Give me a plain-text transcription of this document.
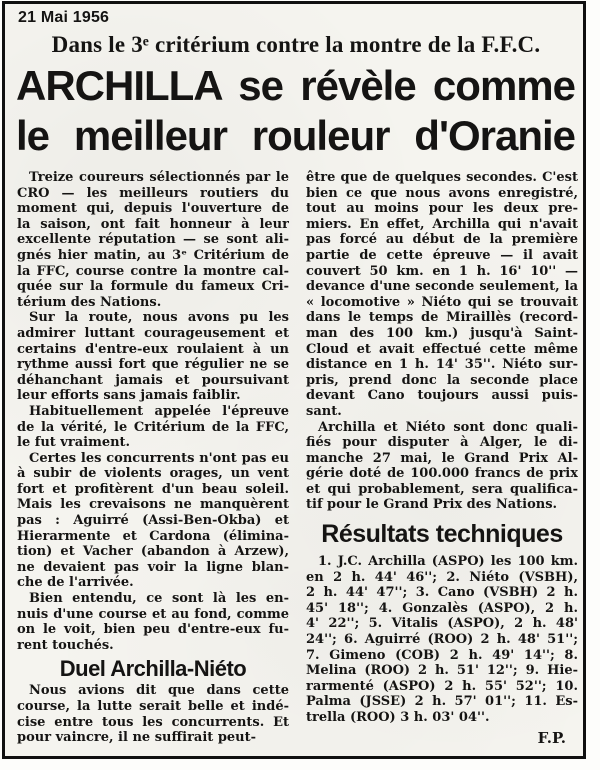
21 Mai 1956
Dans le 3ᵉ critérium contre la montre de la F.F.C.
ARCHILLA se révèle comme
le meilleur rouleur d'Oranie
Treize coureurs sélectionnés par le
CRO — les meilleurs routiers du
moment qui, depuis l'ouverture de
la saison, ont fait honneur à leur
excellente réputation — se sont ali-
gnés hier matin, au 3ᵉ Critérium de
la FFC, course contre la montre cal-
quée sur la formule du fameux Cri-
térium des Nations.
Sur la route, nous avons pu les
admirer luttant courageusement et
certains d'entre-eux roulaient à un
rythme aussi fort que régulier ne se
déhanchant jamais et poursuivant
leur efforts sans jamais faiblir.
Habituellement appelée l'épreuve
de la vérité, le Critérium de la FFC,
le fut vraiment.
Certes les concurrents n'ont pas eu
à subir de violents orages, un vent
fort et profitèrent d'un beau soleil.
Mais les crevaisons ne manquèrent
pas : Aguirré (Assi-Ben-Okba) et
Hierarmente et Cardona (élimina-
tion) et Vacher (abandon à Arzew),
ne devaient pas voir la ligne blan-
che de l'arrivée.
Bien entendu, ce sont là les en-
nuis d'une course et au fond, comme
on le voit, bien peu d'entre-eux fu-
rent touchés.
Duel Archilla-Niéto
Nous avions dit que dans cette
course, la lutte serait belle et indé-
cise entre tous les concurrents. Et
pour vaincre, il ne suffirait peut-
être que de quelques secondes. C'est
bien ce que nous avons enregistré,
tout au moins pour les deux pre-
miers. En effet, Archilla qui n'avait
pas forcé au début de la première
partie de cette épreuve — il avait
couvert 50 km. en 1 h. 16' 10'' —
devance d'une seconde seulement, la
« locomotive » Niéto qui se trouvait
dans le temps de Miraillès (record-
man des 100 km.) jusqu'à Saint-
Cloud et avait effectué cette même
distance en 1 h. 14' 35''. Niéto sur-
pris, prend donc la seconde place
devant Cano toujours aussi puis-
sant.
Archilla et Niéto sont donc quali-
fiés pour disputer à Alger, le di-
manche 27 mai, le Grand Prix Al-
gérie doté de 100.000 francs de prix
et qui probablement, sera qualifica-
tif pour le Grand Prix des Nations.
Résultats techniques
1. J.C. Archilla (ASPO) les 100 km.
en 2 h. 44' 46''; 2. Niéto (VSBH),
2 h. 44' 47''; 3. Cano (VSBH) 2 h.
45' 18''; 4. Gonzalès (ASPO), 2 h.
4' 22''; 5. Vitalis (ASPO), 2 h. 48'
24''; 6. Aguirré (ROO) 2 h. 48' 51'';
7. Gimeno (COB) 2 h. 49' 14''; 8.
Melina (ROO) 2 h. 51' 12''; 9. Hie-
rarmenté (ASPO) 2 h. 55' 52''; 10.
Palma (JSSE) 2 h. 57' 01''; 11. Es-
trella (ROO) 3 h. 03' 04''.
F.P.
